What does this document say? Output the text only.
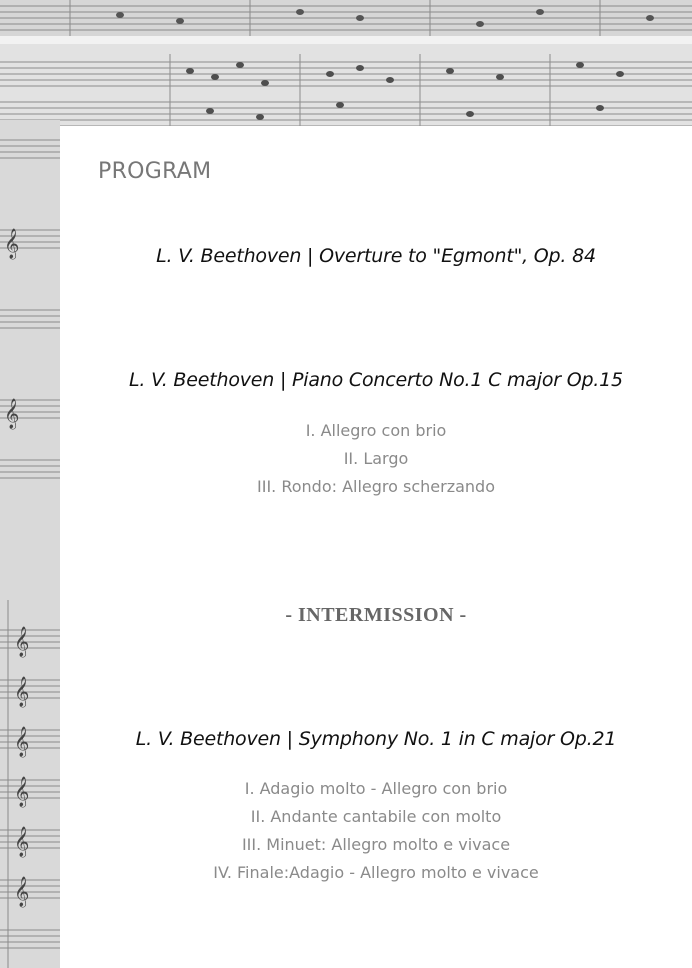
𝄞
𝄞
𝄞
𝄞
𝄞
𝄞
𝄞
𝄞
PROGRAM
L. V. Beethoven | Overture to "Egmont", Op. 84
L. V. Beethoven | Piano Concerto No.1 C major Op.15
I. Allegro con brio
II. Largo
III. Rondo: Allegro scherzando
- INTERMISSION -
L. V. Beethoven | Symphony No. 1 in C major Op.21
I. Adagio molto - Allegro con brio
II. Andante cantabile con molto
III. Minuet: Allegro molto e vivace
IV. Finale:Adagio - Allegro molto e vivace
